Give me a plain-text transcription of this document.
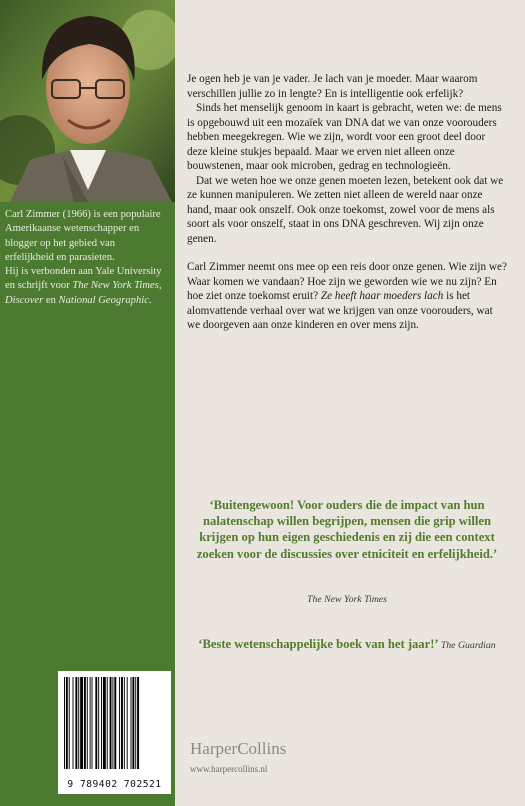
Carl Zimmer (1966) is een populaire Amerikaanse wetenschapper en blogger op het gebied van erfelijkheid en parasieten.

Hij is verbonden aan Yale University en schrijft voor The New York Times, Discover en National Geographic.

9 789402 702521

Je ogen heb je van je vader. Je lach van je moeder. Maar waarom verschillen jullie zo in lengte? En is intelligentie ook erfelijk?

Sinds het menselijk genoom in kaart is gebracht, weten we: de mens is opgebouwd uit een mozaïek van DNA dat we van onze voorouders hebben meegekregen. Wie we zijn, wordt voor een groot deel door deze kleine stukjes bepaald. Maar we erven niet alleen onze bouwstenen, maar ook microben, gedrag en technologieën.

Dat we weten hoe we onze genen moeten lezen, betekent ook dat we ze kunnen manipuleren. We zetten niet alleen de wereld naar onze hand, maar ook onszelf. Ook onze toekomst, zowel voor de mens als soort als voor onszelf, staat in ons DNA geschreven. Wij zijn onze genen.

Carl Zimmer neemt ons mee op een reis door onze genen. Wie zijn we? Waar komen we vandaan? Hoe zijn we geworden wie we nu zijn? En hoe ziet onze toekomst eruit? Ze heeft haar moeders lach is het alomvattende verhaal over wat we krijgen van onze voorouders, wat we doorgeven aan onze kinderen en over mens zijn.

‘Buitengewoon! Voor ouders die de impact van hun nalatenschap willen begrijpen, mensen die grip willen krijgen op hun eigen geschiedenis en zij die een context zoeken voor de discussies over etniciteit en erfelijkheid.’
The New York Times
‘Beste wetenschappelijke boek van het jaar!’ The Guardian
HarperCollins
www.harpercollins.nl
